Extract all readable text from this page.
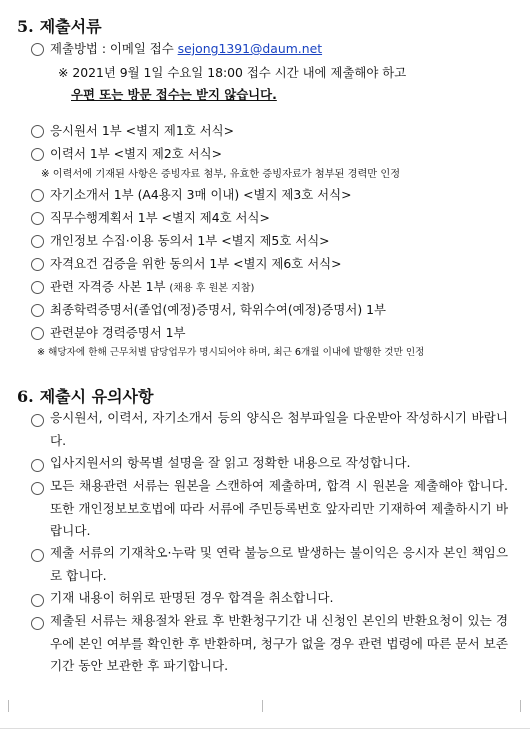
5. 제출서류
제출방법 : 이메일 접수 sejong1391@daum.net
※ 2021년 9월 1일 수요일 18:00 접수 시간 내에 제출해야 하고
우편 또는 방문 접수는 받지 않습니다.
응시원서 1부 <별지 제1호 서식>
이력서 1부 <별지 제2호 서식>
※ 이력서에 기재된 사항은 증빙자료 첨부, 유효한 증빙자료가 첨부된 경력만 인정
자기소개서 1부 (A4용지 3매 이내) <별지 제3호 서식>
직무수행계획서 1부 <별지 제4호 서식>
개인정보 수집·이용 동의서 1부 <별지 제5호 서식>
자격요건 검증을 위한 동의서 1부 <별지 제6호 서식>
관련 자격증 사본 1부 (채용 후 원본 지참)
최종학력증명서(졸업(예정)증명서, 학위수여(예정)증명서) 1부
관련분야 경력증명서 1부
※ 해당자에 한해 근무처별 담당업무가 명시되어야 하며, 최근 6개월 이내에 발행한 것만 인정
6. 제출시 유의사항
응시원서, 이력서, 자기소개서 등의 양식은 첨부파일을 다운받아 작성하시기 바랍니다.
입사지원서의 항목별 설명을 잘 읽고 정확한 내용으로 작성합니다.
모든 채용관련 서류는 원본을 스캔하여 제출하며, 합격 시 원본을 제출해야 합니다. 또한 개인정보보호법에 따라 서류에 주민등록번호 앞자리만 기재하여 제출하시기 바랍니다.
제출 서류의 기재착오·누락 및 연락 불능으로 발생하는 불이익은 응시자 본인 책임으로 합니다.
기재 내용이 허위로 판명된 경우 합격을 취소합니다.
제출된 서류는 채용절차 완료 후 반환청구기간 내 신청인 본인의 반환요청이 있는 경우에 본인 여부를 확인한 후 반환하며, 청구가 없을 경우 관련 법령에 따른 문서 보존기간 동안 보관한 후 파기합니다.
